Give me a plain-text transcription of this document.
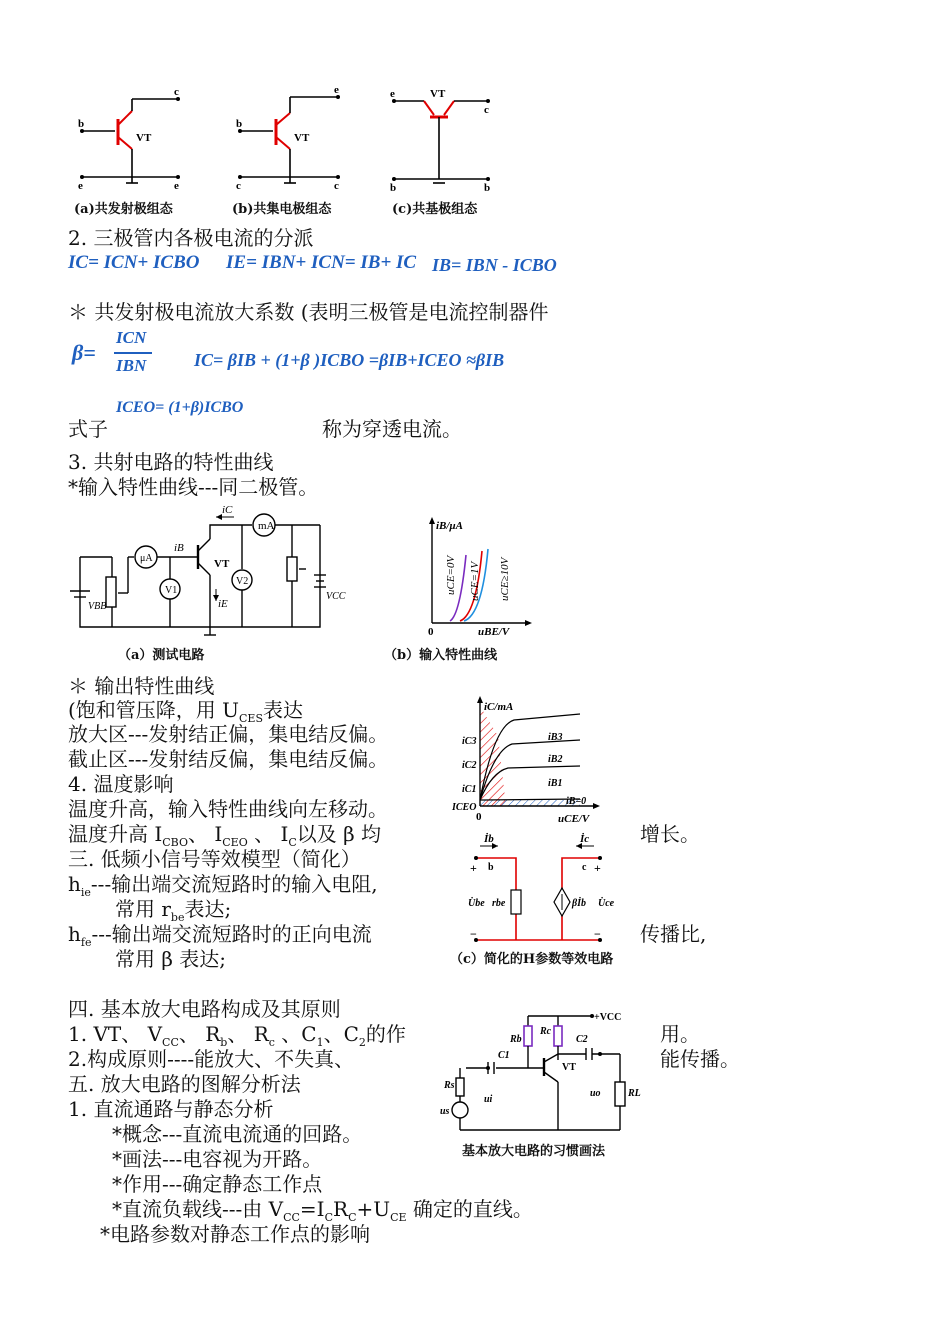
b
c
e	e
VT
b
e
c	c
VT
e
c
VT
b	b
(a)共发射极组态	(b)共集电极组态	(c)共基极组态
2. 三极管内各极电流的分派
IC= ICN+ ICBO IE= IBN+ ICN= IB+ IC IB= IBN - ICBO
＊ 共发射极电流放大系数 (表明三极管是电流控制器件
β=
ICN
IBN	IC= βIB + (1+β )ICBO =βIB+ICEO ≈βIB
ICEO= (1+β)ICBO
式子	称为穿透电流。
3. 共射电路的特性曲线
*输入特性曲线---同二极管。
mA
μA
V1
V2
iC
iB
iE
VT
VBB
VCC
（a）测试电路
iB/μA
uBE/V
0
uCE=0V uCE=1V uCE≥10V
（b）输入特性曲线
＊ 输出特性曲线
(饱和管压降，用 $U_{CES}$表达
放大区---发射结正偏，集电结反偏。
截止区---发射结反偏，集电结反偏。
4. 温度影响
温度升高，输入特性曲线向左移动。
温度升高 $I_{CBO}$、 $I_{CEO}$ 、 $I_C$以及 β 均	增长。
iC/mA
uCE/V
0
iB3
iB2
iB1
iB=0
iC3
iC2
iC1
ICEO
三. 低频小信号等效模型（简化）
$h_{ie}---$输出端交流短路时的输入电阻,
常用 $r_{be}$表达;
$h_{fe}---$输出端交流短路时的正向电流	传播比,
常用 β 表达;
İb	İc
b	c
+	+
−	−
U̇be rbe	βİb U̇ce
（c）简化的H参数等效电路
四. 基本放大电路构成及其原则
1. VT、 $V_{CC}$、 $R_b$、 $R_c$ 、$C_1$、$C_2$的作	用。
2.构成原则----能放大、不失真、	能传播。
+VCC
Rb
Rc
C1
C2
VT
Rs
us
ui
uo	RL
基本放大电路的习惯画法
五. 放大电路的图解分析法
1. 直流通路与静态分析
*概念---直流电流通的回路。
*画法---电容视为开路。
*作用---确定静态工作点
*直流负载线---由 $V_{CC}=I_CR_C+U_{CE}$ 确定的直线。
*电路参数对静态工作点的影响
